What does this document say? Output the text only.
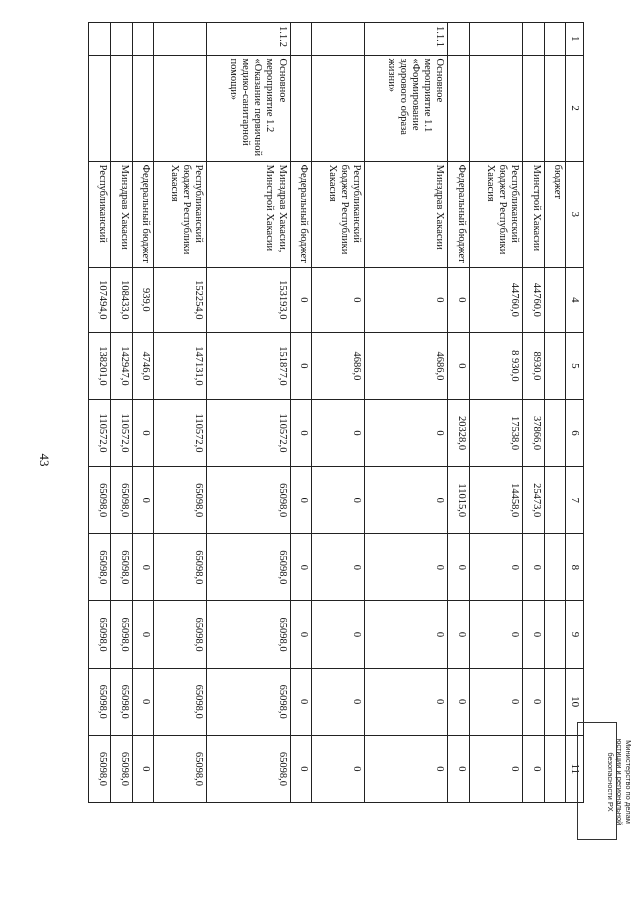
43
1	2	3	4	5	6	7	8	9	10	11
		бюджет								
		Минстрой Хакасии	44760,0	8930,0	37866,0	25473,0	0	0	0	0
		Республиканский бюджет Республики Хакасия	44760,0	8 930,0	17538,0	14458,0	0	0	0	0
		Федеральный бюджет	0	0	20328,0	11015,0	0	0	0	0
1.1.1	Основное мероприятие 1.1 «Формирование здорового образа жизни»	Минздрав Хакасии	0	4686,0	0	0	0	0	0	0
		Республиканский бюджет Республики Хакасия	0	4686,0	0	0	0	0	0	0
		Федеральный бюджет	0	0	0	0	0	0	0	0
1.1.2	Основное мероприятие 1.2 «Оказание первичной медико-санитарной помощи»	Минздрав Хакасии, Минстрой Хакасии	153193,0	151877,0	110572,0	65098,0	65098,0	65098,0	65098,0	65098,0
		Республиканский бюджет Республики Хакасия	152254,0	147131,0	110572,0	65098,0	65098,0	65098,0	65098,0	65098,0
		Федеральный бюджет	939,0	4746,0	0	0	0	0	0	0
		Минздрав Хакасии	108433,0	142947,0	110572,0	65098,0	65098,0	65098,0	65098,0	65098,0
		Республиканский	107494,0	138201,0	110572,0	65098,0	65098,0	65098,0	65098,0	65098,0	Министерство по делам
юстиции и региональной
безопасности РХ
